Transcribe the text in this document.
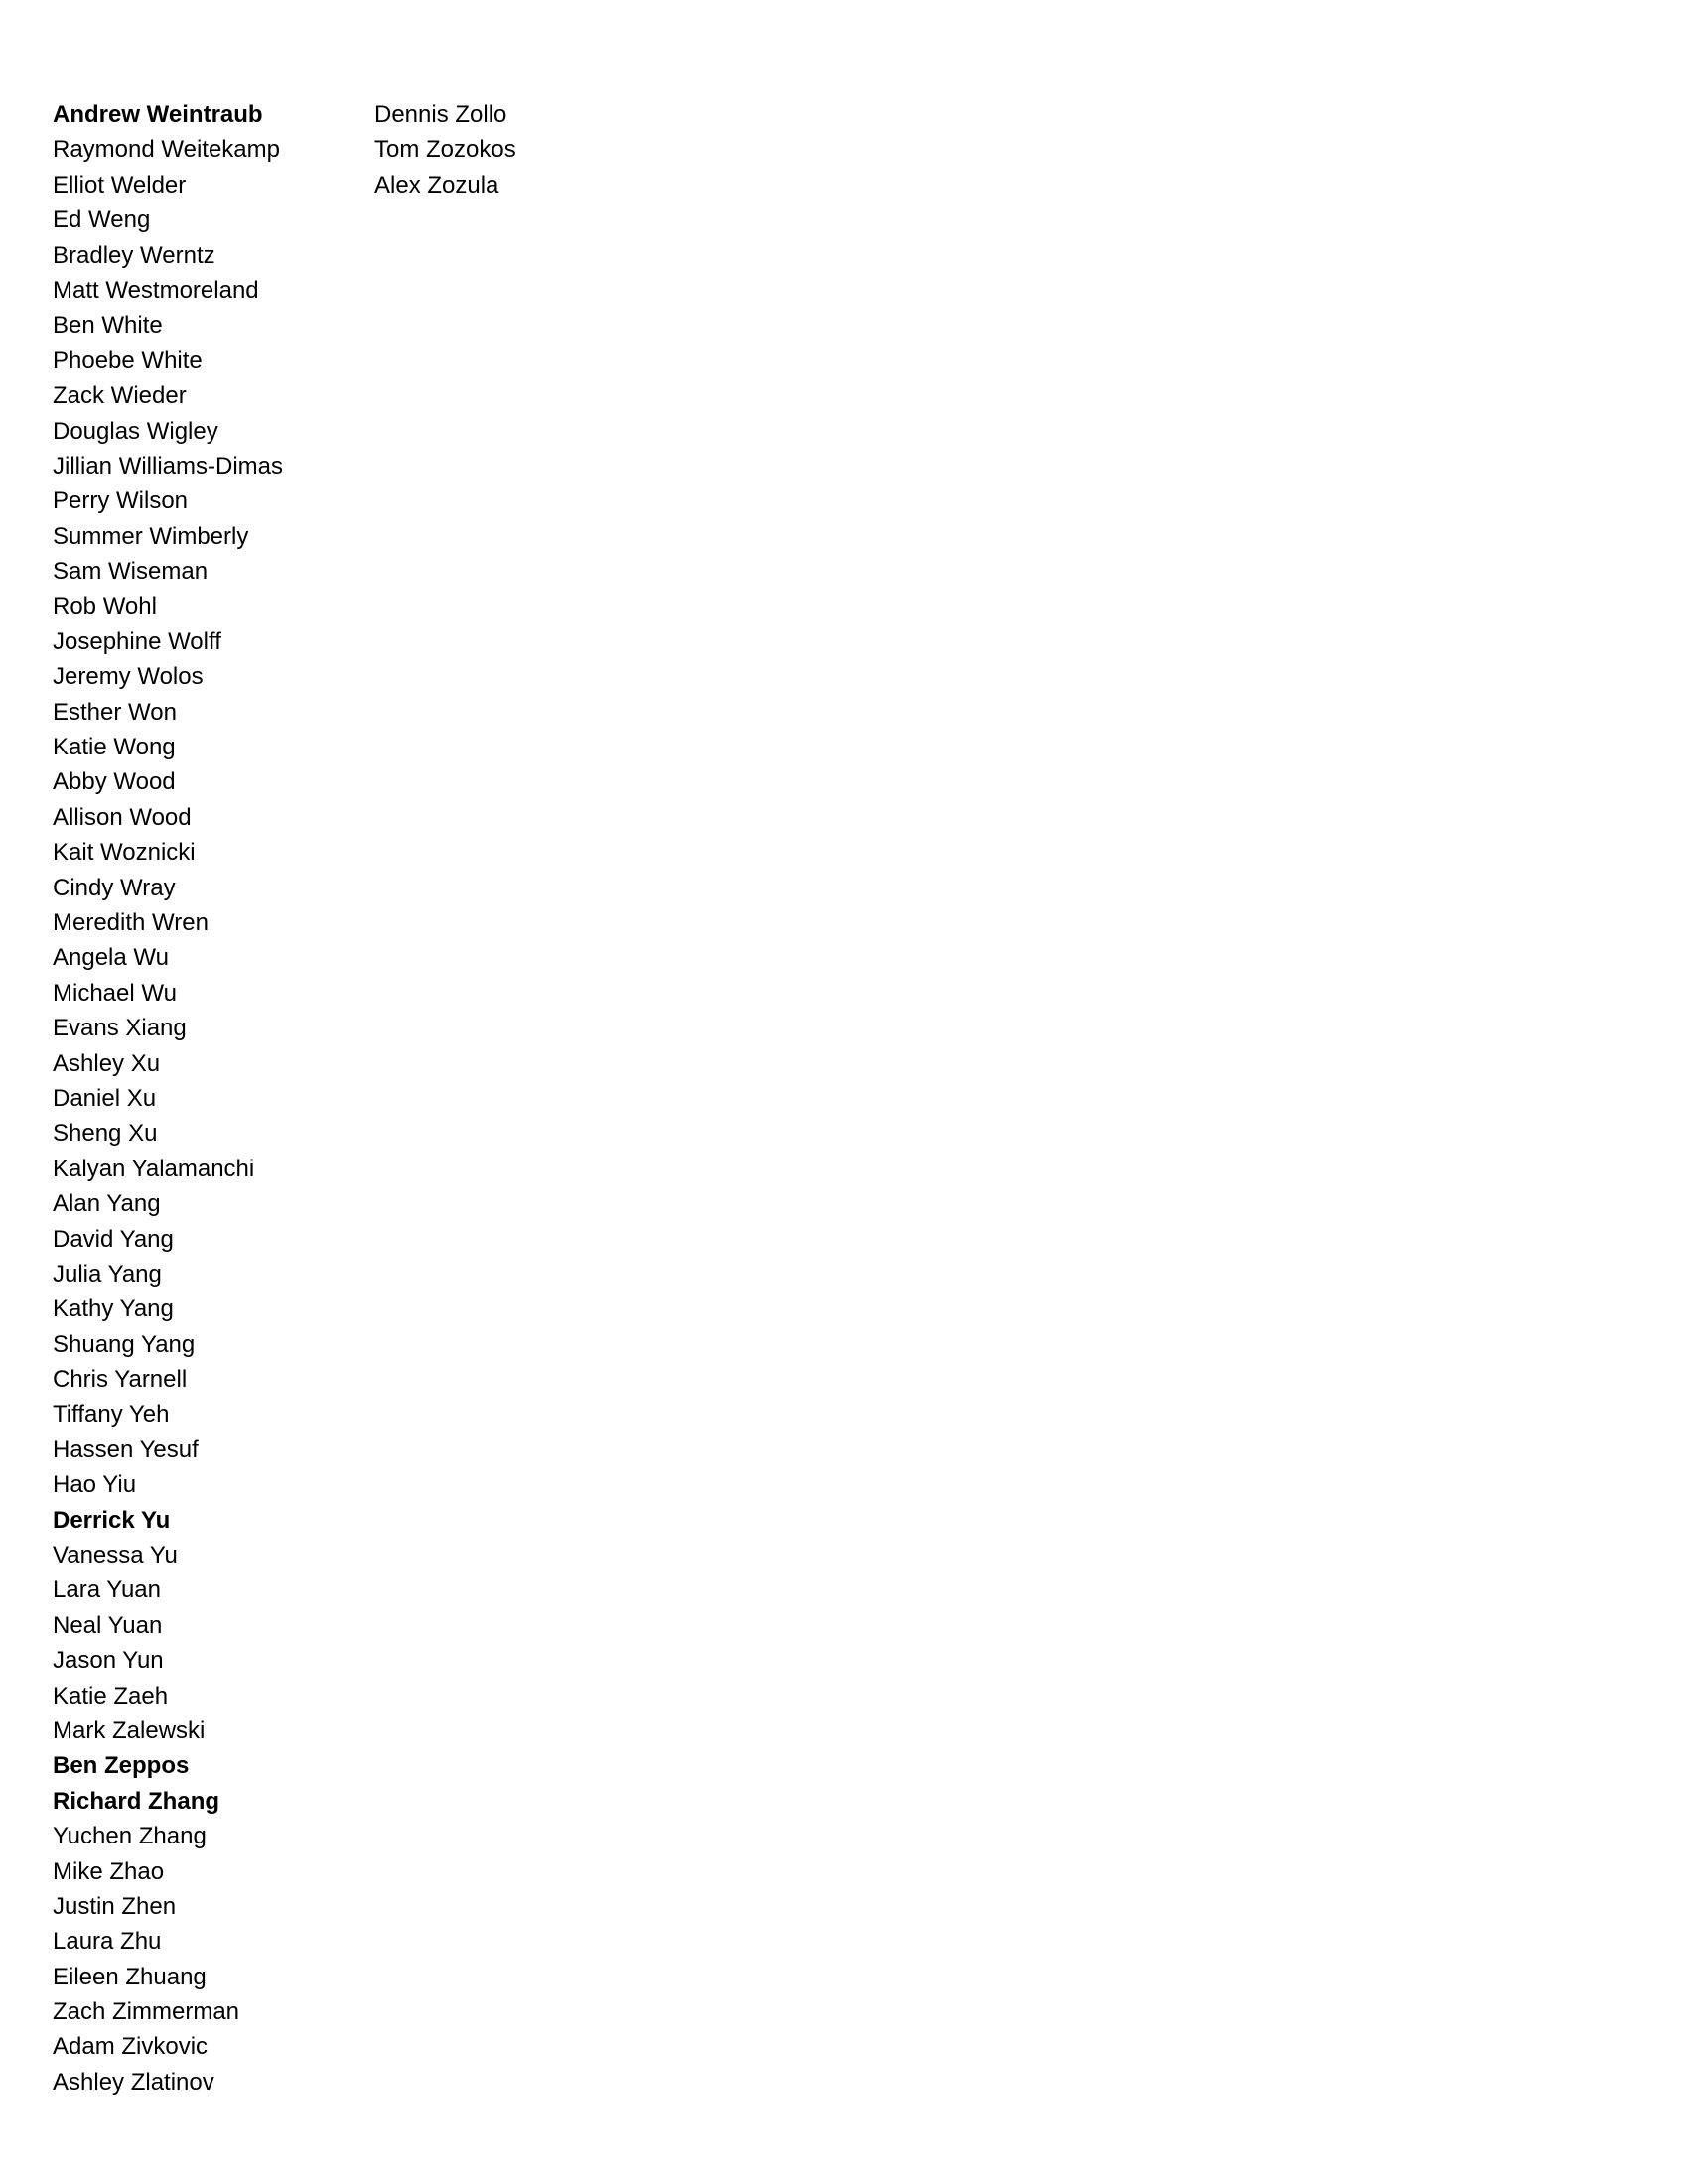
Andrew Weintraub
Raymond Weitekamp
Elliot Welder
Ed Weng
Bradley Werntz
Matt Westmoreland
Ben White
Phoebe White
Zack Wieder
Douglas Wigley
Jillian Williams-Dimas
Perry Wilson
Summer Wimberly
Sam Wiseman
Rob Wohl
Josephine Wolff
Jeremy Wolos
Esther Won
Katie Wong
Abby Wood
Allison Wood
Kait Woznicki
Cindy Wray
Meredith Wren
Angela Wu
Michael Wu
Evans Xiang
Ashley Xu
Daniel Xu
Sheng Xu
Kalyan Yalamanchi
Alan Yang
David Yang
Julia Yang
Kathy Yang
Shuang Yang
Chris Yarnell
Tiffany Yeh
Hassen Yesuf
Hao Yiu
Derrick Yu
Vanessa Yu
Lara Yuan
Neal Yuan
Jason Yun
Katie Zaeh
Mark Zalewski
Ben Zeppos
Richard Zhang
Yuchen Zhang
Mike Zhao
Justin Zhen
Laura Zhu
Eileen Zhuang
Zach Zimmerman
Adam Zivkovic
Ashley Zlatinov
Dennis Zollo
Tom Zozokos
Alex Zozula
